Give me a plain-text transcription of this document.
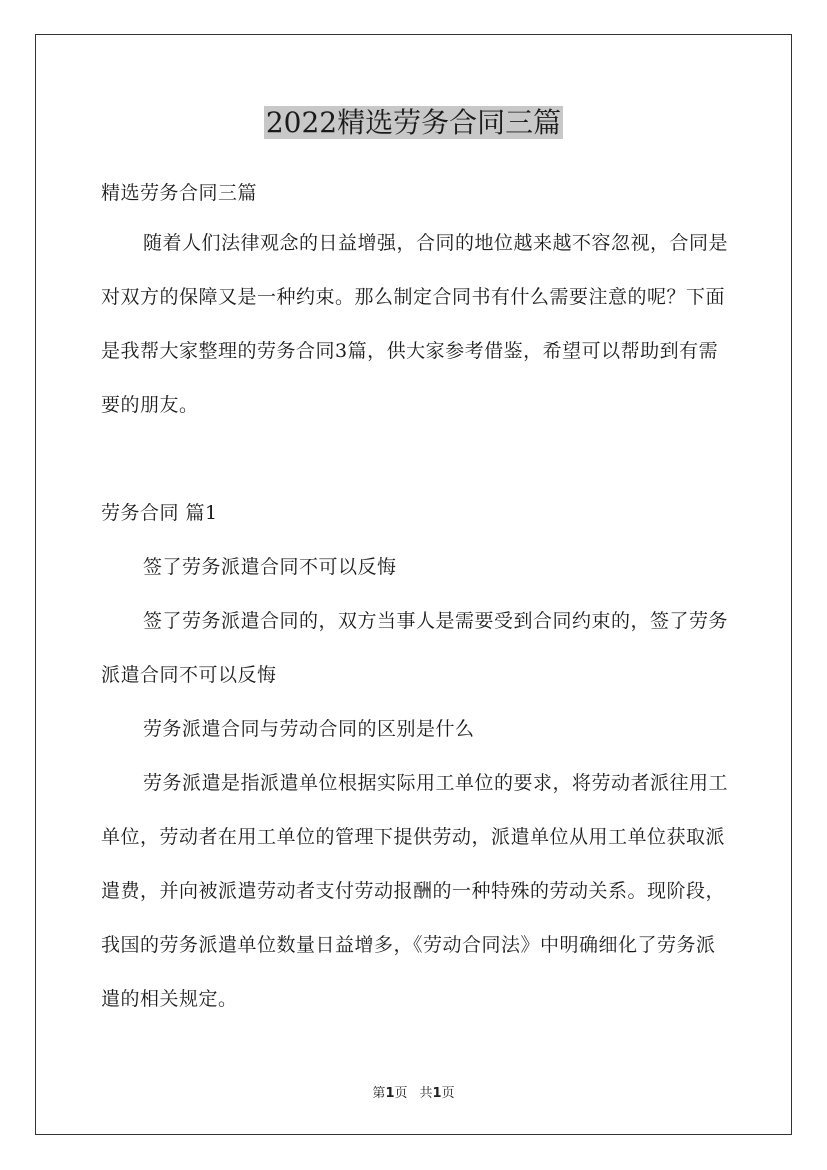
2022精选劳务合同三篇

精选劳务合同三篇

随着人们法律观念的日益增强，合同的地位越来越不容忽视，合同是对双方的保障又是一种约束。那么制定合同书有什么需要注意的呢？下面是我帮大家整理的劳务合同3篇，供大家参考借鉴，希望可以帮助到有需要的朋友。

劳务合同 篇1

签了劳务派遣合同不可以反悔

签了劳务派遣合同的，双方当事人是需要受到合同约束的，签了劳务派遣合同不可以反悔

劳务派遣合同与劳动合同的区别是什么

劳务派遣是指派遣单位根据实际用工单位的要求，将劳动者派往用工单位，劳动者在用工单位的管理下提供劳动，派遣单位从用工单位获取派遣费，并向被派遣劳动者支付劳动报酬的一种特殊的劳动关系。现阶段，我国的劳务派遣单位数量日益增多，《劳动合同法》中明确细化了劳务派遣的相关规定。

第1页 共1页
